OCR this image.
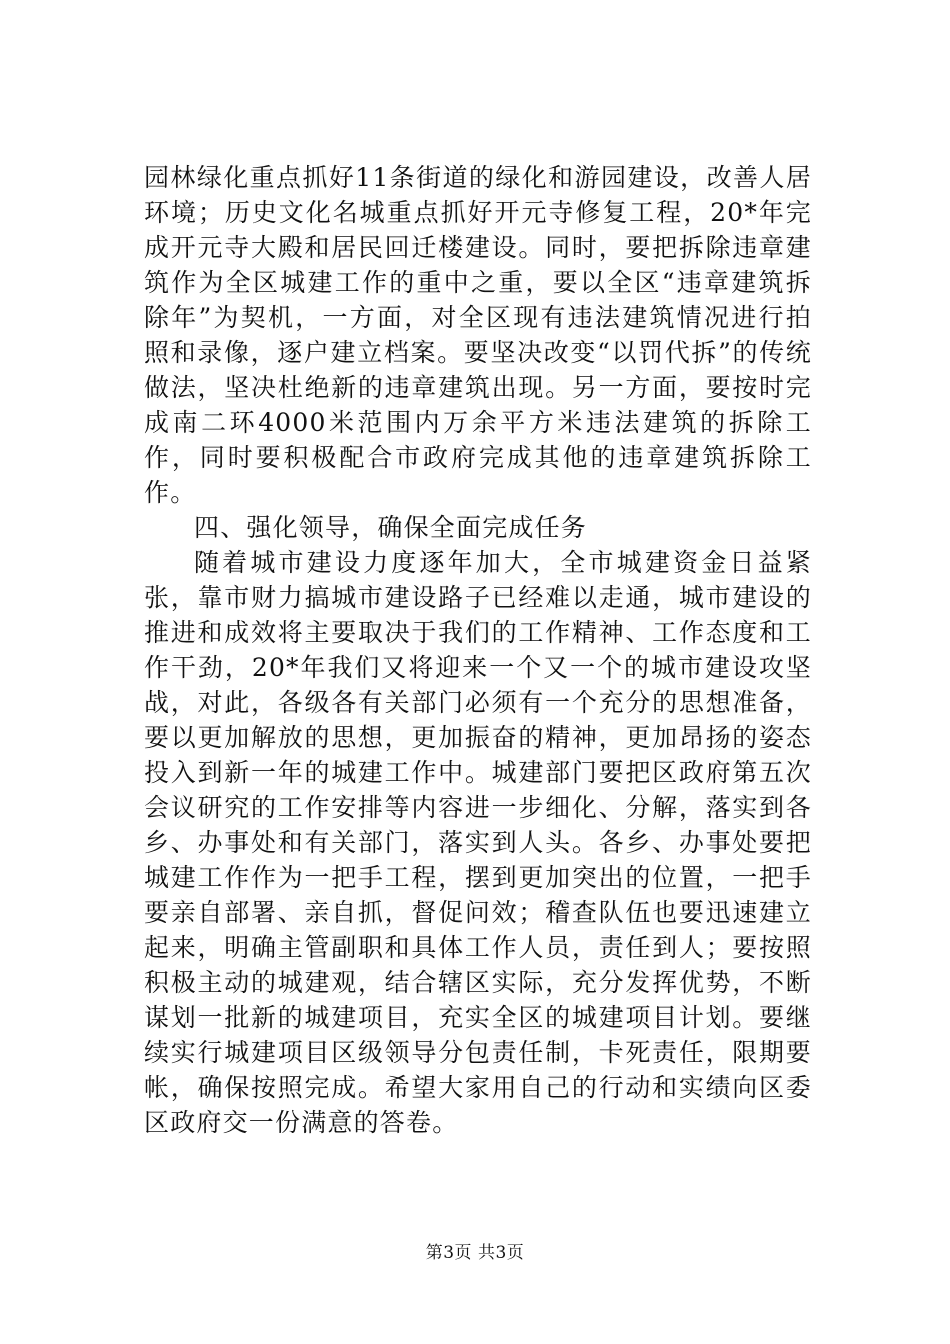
园林绿化重点抓好11条街道的绿化和游园建设，改善人居环境；历史文化名城重点抓好开元寺修复工程，20*年完成开元寺大殿和居民回迁楼建设。同时，要把拆除违章建筑作为全区城建工作的重中之重，要以全区“违章建筑拆除年”为契机，一方面，对全区现有违法建筑情况进行拍照和录像，逐户建立档案。要坚决改变“以罚代拆”的传统做法，坚决杜绝新的违章建筑出现。另一方面，要按时完成南二环4000米范围内万余平方米违法建筑的拆除工作，同时要积极配合市政府完成其他的违章建筑拆除工作。

四、强化领导，确保全面完成任务

随着城市建设力度逐年加大，全市城建资金日益紧张，靠市财力搞城市建设路子已经难以走通，城市建设的推进和成效将主要取决于我们的工作精神、工作态度和工作干劲，20*年我们又将迎来一个又一个的城市建设攻坚战，对此，各级各有关部门必须有一个充分的思想准备，要以更加解放的思想，更加振奋的精神，更加昂扬的姿态投入到新一年的城建工作中。城建部门要把区政府第五次会议研究的工作安排等内容进一步细化、分解，落实到各乡、办事处和有关部门，落实到人头。各乡、办事处要把城建工作作为一把手工程，摆到更加突出的位置，一把手要亲自部署、亲自抓，督促问效；稽查队伍也要迅速建立起来，明确主管副职和具体工作人员，责任到人；要按照积极主动的城建观，结合辖区实际，充分发挥优势，不断谋划一批新的城建项目，充实全区的城建项目计划。要继续实行城建项目区级领导分包责任制，卡死责任，限期要帐，确保按照完成。希望大家用自己的行动和实绩向区委区政府交一份满意的答卷。

第3页 共3页
